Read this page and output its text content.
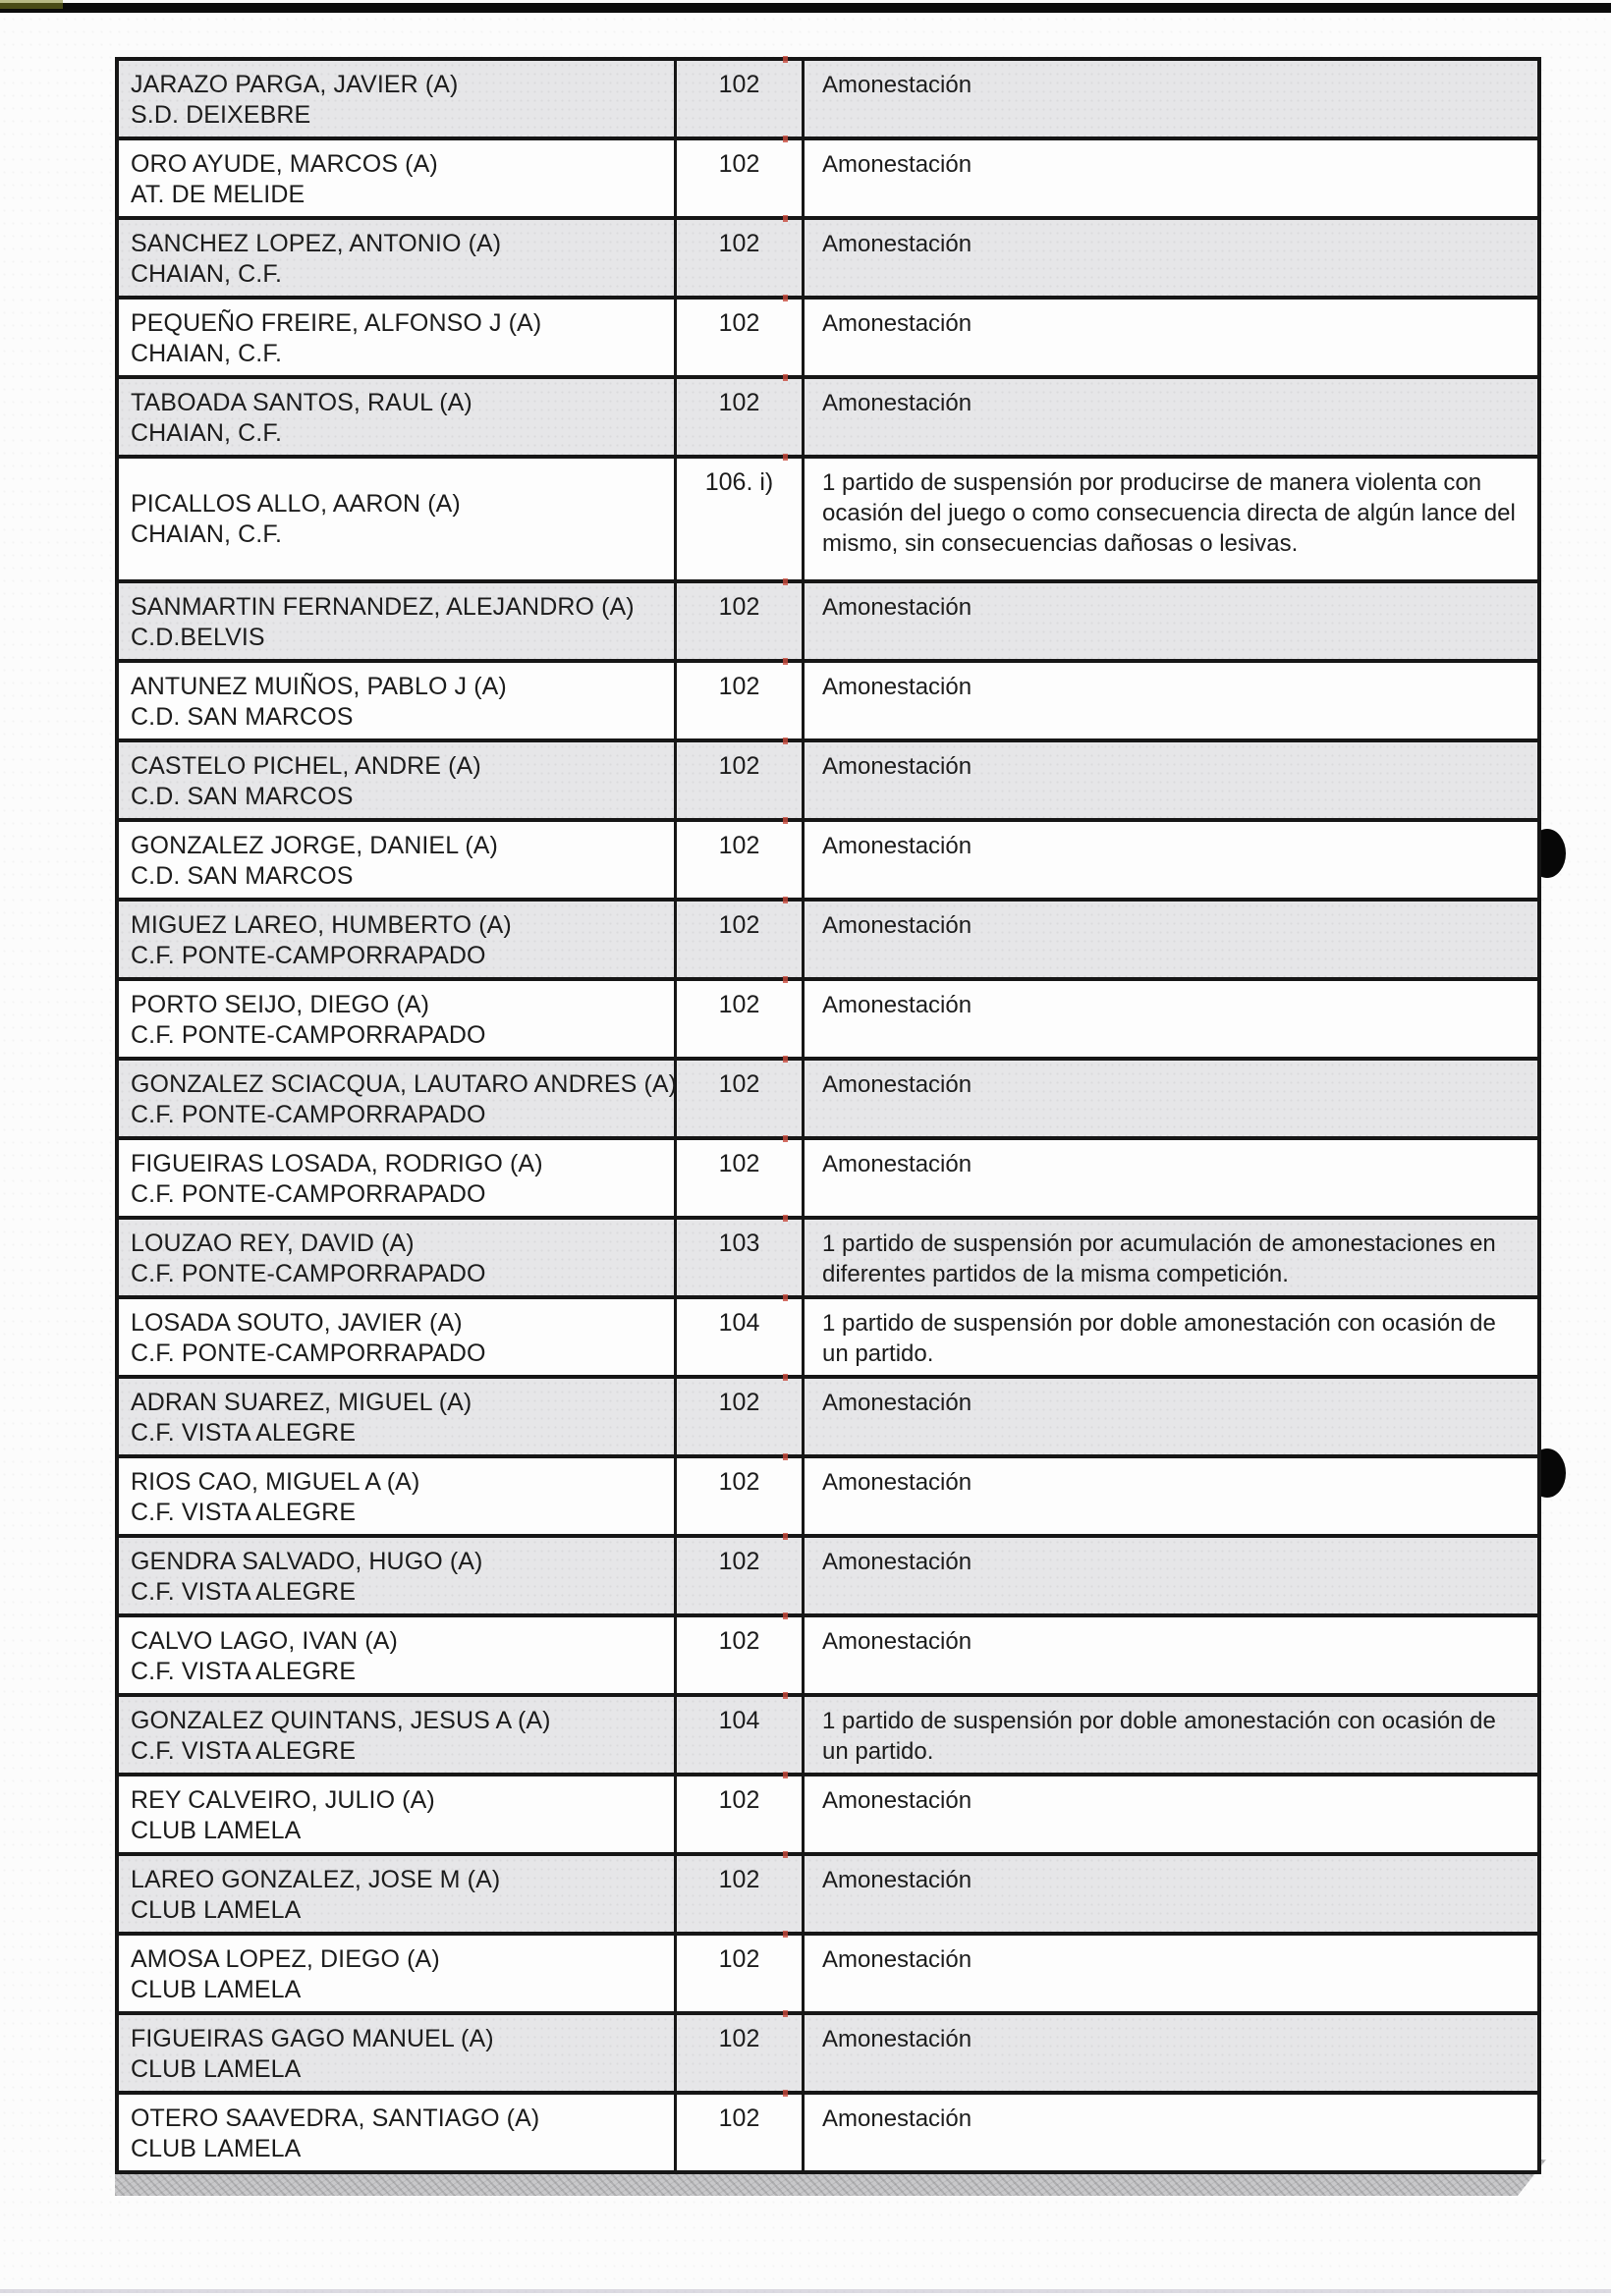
JARAZO PARGA, JAVIER (A)
S.D. DEIXEBRE
102	Amonestación
ORO AYUDE, MARCOS (A)
AT. DE MELIDE
102	Amonestación
SANCHEZ LOPEZ, ANTONIO (A)
CHAIAN, C.F.
102	Amonestación
PEQUEÑO FREIRE, ALFONSO J (A)
CHAIAN, C.F.
102	Amonestación
TABOADA SANTOS, RAUL (A)
CHAIAN, C.F.
102	Amonestación
PICALLOS ALLO, AARON (A)
CHAIAN, C.F.
106. i)	1 partido de suspensión por producirse de manera violenta con ocasión del juego o como consecuencia directa de algún lance del mismo, sin consecuencias dañosas o lesivas.
SANMARTIN FERNANDEZ, ALEJANDRO (A)
C.D.BELVIS
102	Amonestación
ANTUNEZ MUIÑOS, PABLO J (A)
C.D. SAN MARCOS
102	Amonestación
CASTELO PICHEL, ANDRE (A)
C.D. SAN MARCOS
102	Amonestación
GONZALEZ JORGE, DANIEL (A)
C.D. SAN MARCOS
102	Amonestación
MIGUEZ LAREO, HUMBERTO (A)
C.F. PONTE-CAMPORRAPADO
102	Amonestación
PORTO SEIJO, DIEGO (A)
C.F. PONTE-CAMPORRAPADO
102	Amonestación
GONZALEZ SCIACQUA, LAUTARO ANDRES (A)
C.F. PONTE-CAMPORRAPADO
102	Amonestación
FIGUEIRAS LOSADA, RODRIGO (A)
C.F. PONTE-CAMPORRAPADO
102	Amonestación
LOUZAO REY, DAVID (A)
C.F. PONTE-CAMPORRAPADO
103	1 partido de suspensión por acumulación de amonestaciones en diferentes partidos de la misma competición.
LOSADA SOUTO, JAVIER (A)
C.F. PONTE-CAMPORRAPADO
104	1 partido de suspensión por doble amonestación con ocasión de un partido.
ADRAN SUAREZ, MIGUEL (A)
C.F. VISTA ALEGRE
102	Amonestación
RIOS CAO, MIGUEL A (A)
C.F. VISTA ALEGRE
102	Amonestación
GENDRA SALVADO, HUGO (A)
C.F. VISTA ALEGRE
102	Amonestación
CALVO LAGO, IVAN (A)
C.F. VISTA ALEGRE
102	Amonestación
GONZALEZ QUINTANS, JESUS A (A)
C.F. VISTA ALEGRE
104	1 partido de suspensión por doble amonestación con ocasión de un partido.
REY CALVEIRO, JULIO (A)
CLUB LAMELA
102	Amonestación
LAREO GONZALEZ, JOSE M (A)
CLUB LAMELA
102	Amonestación
AMOSA LOPEZ, DIEGO (A)
CLUB LAMELA
102	Amonestación
FIGUEIRAS GAGO MANUEL (A)
CLUB LAMELA
102	Amonestación
OTERO SAAVEDRA, SANTIAGO (A)
CLUB LAMELA
102	Amonestación
